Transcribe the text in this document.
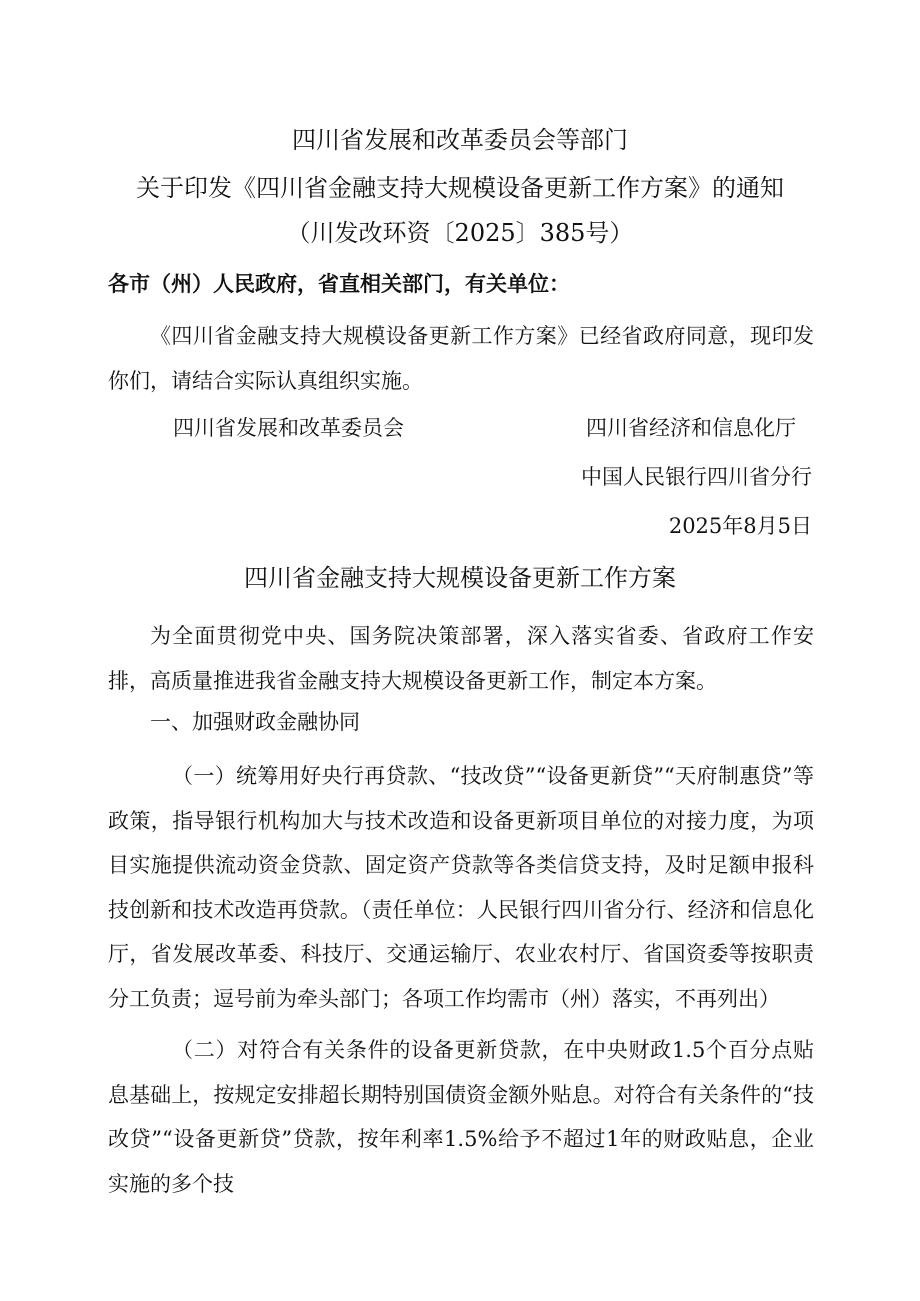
四川省发展和改革委员会等部门
关于印发《四川省金融支持大规模设备更新工作方案》的通知
（川发改环资〔2025〕385号）
各市（州）人民政府，省直相关部门，有关单位：
《四川省金融支持大规模设备更新工作方案》已经省政府同意，现印发你们，请结合实际认真组织实施。
四川省发展和改革委员会	四川省经济和信息化厅
中国人民银行四川省分行
2025年8月5日
四川省金融支持大规模设备更新工作方案
为全面贯彻党中央、国务院决策部署，深入落实省委、省政府工作安排，高质量推进我省金融支持大规模设备更新工作，制定本方案。
一、加强财政金融协同
（一）统筹用好央行再贷款、“技改贷”“设备更新贷”“天府制惠贷”等政策，指导银行机构加大与技术改造和设备更新项目单位的对接力度，为项目实施提供流动资金贷款、固定资产贷款等各类信贷支持，及时足额申报科技创新和技术改造再贷款。（责任单位：人民银行四川省分行、经济和信息化厅，省发展改革委、科技厅、交通运输厅、农业农村厅、省国资委等按职责分工负责；逗号前为牵头部门；各项工作均需市（州）落实，不再列出）
（二）对符合有关条件的设备更新贷款，在中央财政1.5个百分点贴息基础上，按规定安排超长期特别国债资金额外贴息。对符合有关条件的“技改贷”“设备更新贷”贷款，按年利率1.5%给予不超过1年的财政贴息，企业实施的多个技
